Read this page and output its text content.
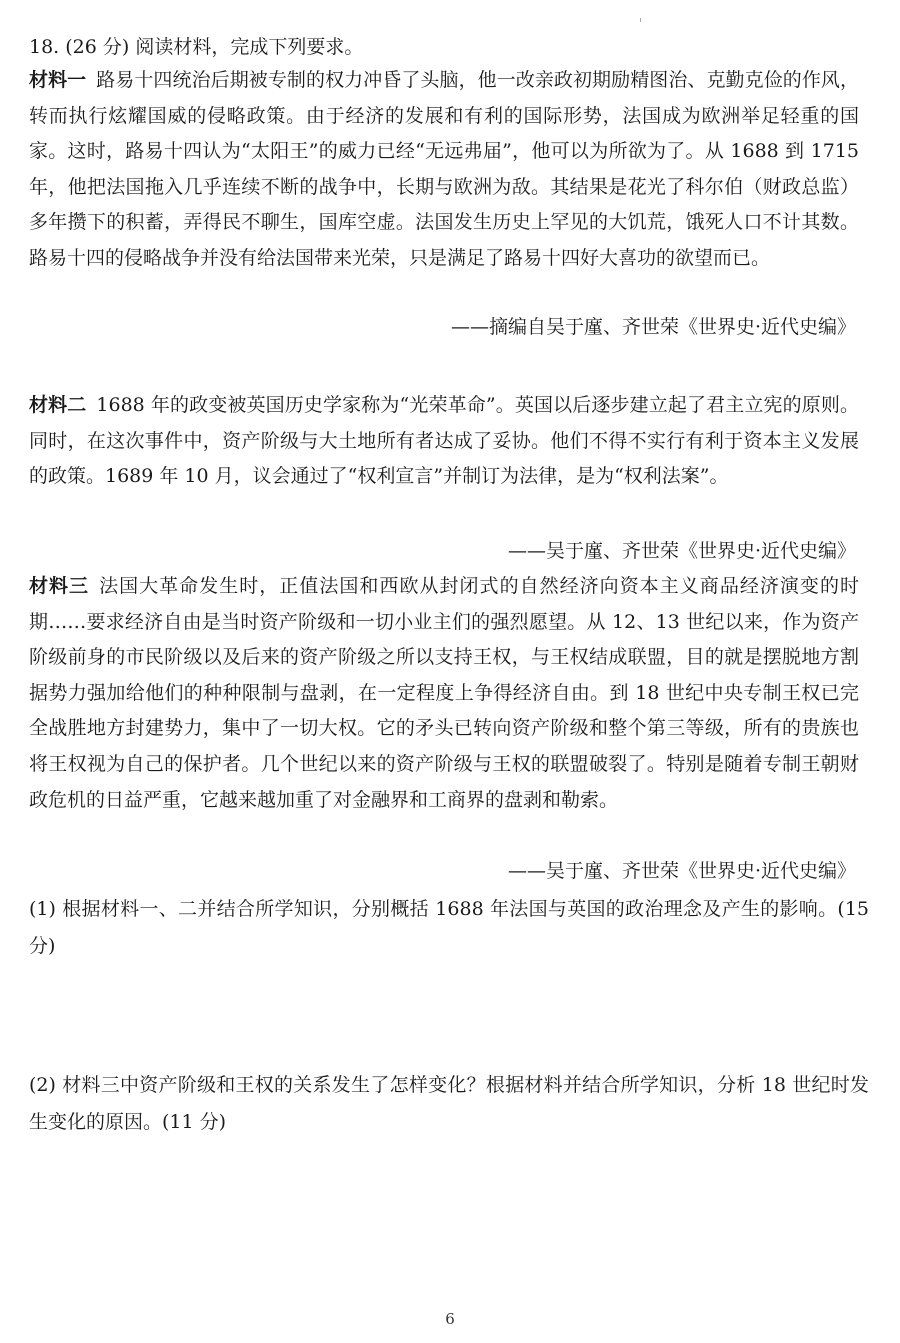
18. (26 分) 阅读材料，完成下列要求。

材料一 路易十四统治后期被专制的权力冲昏了头脑，他一改亲政初期励精图治、克勤克俭的作风，转而执行炫耀国威的侵略政策。由于经济的发展和有利的国际形势，法国成为欧洲举足轻重的国家。这时，路易十四认为“太阳王”的威力已经“无远弗届”，他可以为所欲为了。从 1688 到 1715 年，他把法国拖入几乎连续不断的战争中，长期与欧洲为敌。其结果是花光了科尔伯（财政总监）多年攒下的积蓄，弄得民不聊生，国库空虚。法国发生历史上罕见的大饥荒，饿死人口不计其数。路易十四的侵略战争并没有给法国带来光荣，只是满足了路易十四好大喜功的欲望而已。

——摘编自吴于廑、齐世荣《世界史·近代史编》

材料二 1688 年的政变被英国历史学家称为“光荣革命”。英国以后逐步建立起了君主立宪的原则。同时，在这次事件中，资产阶级与大土地所有者达成了妥协。他们不得不实行有利于资本主义发展的政策。1689 年 10 月，议会通过了“权利宣言”并制订为法律，是为“权利法案”。

——吴于廑、齐世荣《世界史·近代史编》

材料三 法国大革命发生时，正值法国和西欧从封闭式的自然经济向资本主义商品经济演变的时期……要求经济自由是当时资产阶级和一切小业主们的强烈愿望。从 12、13 世纪以来，作为资产阶级前身的市民阶级以及后来的资产阶级之所以支持王权，与王权结成联盟，目的就是摆脱地方割据势力强加给他们的种种限制与盘剥，在一定程度上争得经济自由。到 18 世纪中央专制王权已完全战胜地方封建势力，集中了一切大权。它的矛头已转向资产阶级和整个第三等级，所有的贵族也将王权视为自己的保护者。几个世纪以来的资产阶级与王权的联盟破裂了。特别是随着专制王朝财政危机的日益严重，它越来越加重了对金融界和工商界的盘剥和勒索。

——吴于廑、齐世荣《世界史·近代史编》

(1) 根据材料一、二并结合所学知识，分别概括 1688 年法国与英国的政治理念及产生的影响。(15 分)

(2) 材料三中资产阶级和王权的关系发生了怎样变化？根据材料并结合所学知识，分析 18 世纪时发生变化的原因。(11 分)

6
